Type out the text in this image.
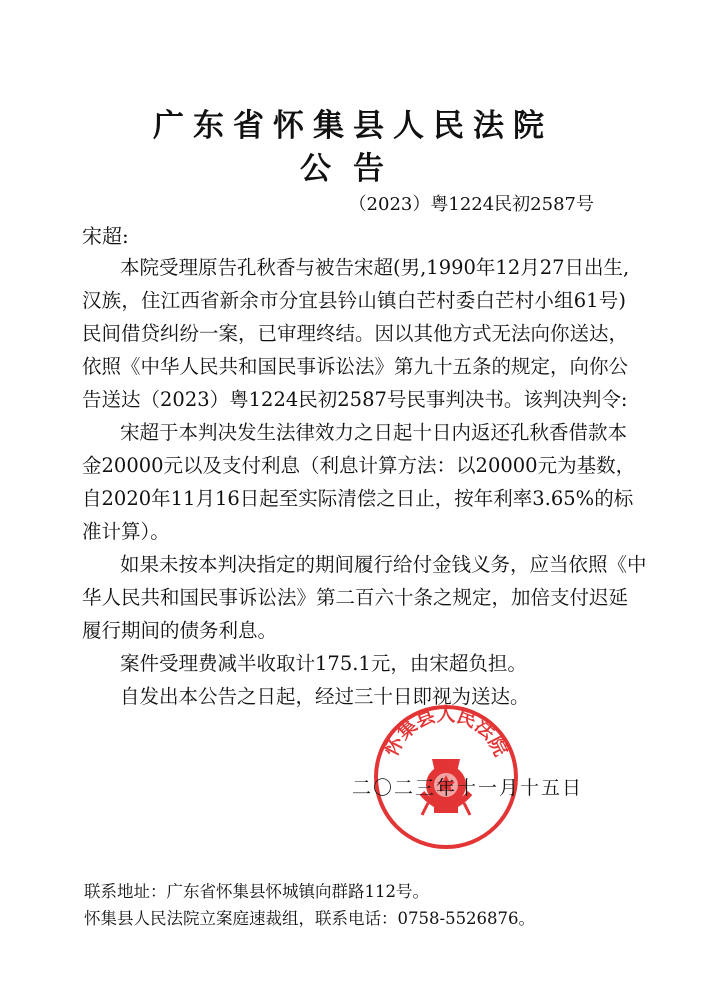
广东省怀集县人民法院
公告
（2023）粤1224民初2587号
宋超:
本院受理原告孔秋香与被告宋超(男,1990年12月27日出生,
汉族，住江西省新余市分宜县钤山镇白芒村委白芒村小组61号)
民间借贷纠纷一案，已审理终结。因以其他方式无法向你送达，
依照《中华人民共和国民事诉讼法》第九十五条的规定，向你公
告送达（2023）粤1224民初2587号民事判决书。该判决判令:
宋超于本判决发生法律效力之日起十日内返还孔秋香借款本
金20000元以及支付利息（利息计算方法：以20000元为基数，
自2020年11月16日起至实际清偿之日止，按年利率3.65%的标
准计算）。
如果未按本判决指定的期间履行给付金钱义务，应当依照《中
华人民共和国民事诉讼法》第二百六十条之规定，加倍支付迟延
履行期间的债务利息。
案件受理费减半收取计175.1元，由宋超负担。
自发出本公告之日起，经过三十日即视为送达。
怀集县人民法院
二〇二三年十一月十五日
联系地址：广东省怀集县怀城镇向群路112号。
怀集县人民法院立案庭速裁组，联系电话：0758-5526876。
